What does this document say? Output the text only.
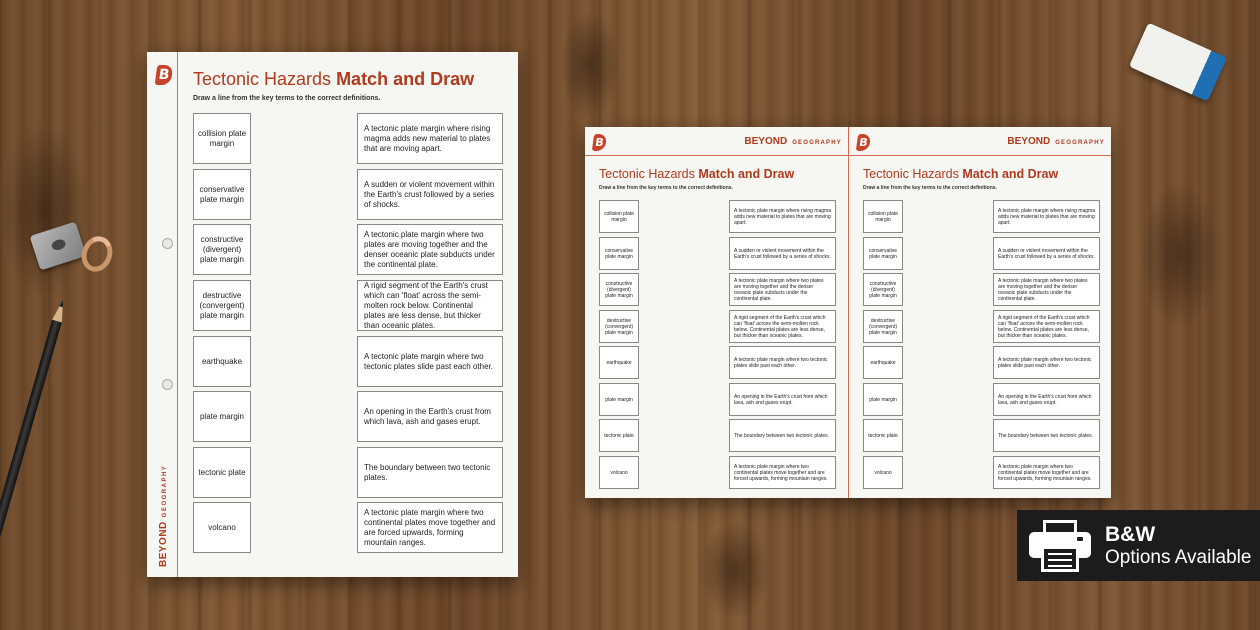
B
BEYONDGEOGRAPHY
Tectonic Hazards Match and Draw
Draw a line from the key terms to the correct definitions.
collision plate margin
conservative plate margin
constructive (divergent) plate margin
destructive (convergent) plate margin
earthquake
plate margin
tectonic plate
volcano
A tectonic plate margin where rising magma adds new material to plates that are moving apart.
A sudden or violent movement within the Earth's crust followed by a series of shocks.
A tectonic plate margin where two plates are moving together and the denser oceanic plate subducts under the continental plate.
A rigid segment of the Earth's crust which can 'float' across the semi-molten rock below. Continental plates are less dense, but thicker than oceanic plates.
A tectonic plate margin where two tectonic plates slide past each other.
An opening in the Earth's crust from which lava, ash and gases erupt.
The boundary between two tectonic plates.
A tectonic plate margin where two continental plates move together and are forced upwards, forming mountain ranges.
B	BEYOND GEOGRAPHY
Tectonic Hazards Match and Draw
Draw a line from the key terms to the correct definitions.
collision plate margin
conservative plate margin
constructive (divergent) plate margin
destructive (convergent) plate margin
earthquake
plate margin
tectonic plate
volcano
A tectonic plate margin where rising magma adds new material to plates that are moving apart.
A sudden or violent movement within the Earth's crust followed by a series of shocks.
A tectonic plate margin where two plates are moving together and the denser oceanic plate subducts under the continental plate.
A rigid segment of the Earth's crust which can 'float' across the semi-molten rock below. Continental plates are less dense, but thicker than oceanic plates.
A tectonic plate margin where two tectonic plates slide past each other.
An opening in the Earth's crust from which lava, ash and gases erupt.
The boundary between two tectonic plates.
A tectonic plate margin where two continental plates move together and are forced upwards, forming mountain ranges.
B	BEYOND GEOGRAPHY
Tectonic Hazards Match and Draw
Draw a line from the key terms to the correct definitions.
collision plate margin
conservative plate margin
constructive (divergent) plate margin
destructive (convergent) plate margin
earthquake
plate margin
tectonic plate
volcano
A tectonic plate margin where rising magma adds new material to plates that are moving apart.
A sudden or violent movement within the Earth's crust followed by a series of shocks.
A tectonic plate margin where two plates are moving together and the denser oceanic plate subducts under the continental plate.
A rigid segment of the Earth's crust which can 'float' across the semi-molten rock below. Continental plates are less dense, but thicker than oceanic plates.
A tectonic plate margin where two tectonic plates slide past each other.
An opening in the Earth's crust from which lava, ash and gases erupt.
The boundary between two tectonic plates.
A tectonic plate margin where two continental plates move together and are forced upwards, forming mountain ranges.
B&W
Options Available
